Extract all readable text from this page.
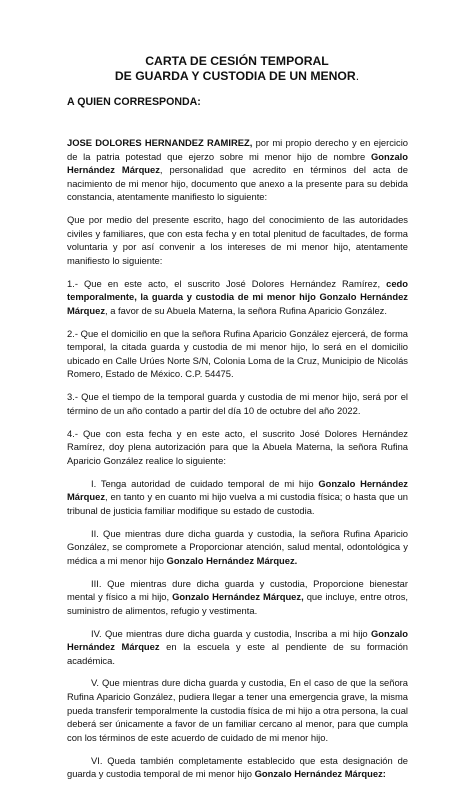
CARTA DE CESIÓN TEMPORAL
DE GUARDA Y CUSTODIA DE UN MENOR.
A QUIEN CORRESPONDA:

JOSE DOLORES HERNANDEZ RAMIREZ, por mi propio derecho y en ejercicio de la patria potestad que ejerzo sobre mi menor hijo de nombre Gonzalo Hernández Márquez, personalidad que acredito en términos del acta de nacimiento de mi menor hijo, documento que anexo a la presente para su debida constancia, atentamente manifiesto lo siguiente:

Que por medio del presente escrito, hago del conocimiento de las autoridades civiles y familiares, que con esta fecha y en total plenitud de facultades, de forma voluntaria y por así convenir a los intereses de mi menor hijo, atentamente manifiesto lo siguiente:

1.- Que en este acto, el suscrito José Dolores Hernández Ramírez, cedo temporalmente, la guarda y custodia de mi menor hijo Gonzalo Hernández Márquez, a favor de su Abuela Materna, la señora Rufina Aparicio González.

2.- Que el domicilio en que la señora Rufina Aparicio González ejercerá, de forma temporal, la citada guarda y custodia de mi menor hijo, lo será en el domicilio ubicado en Calle Urúes Norte S/N, Colonia Loma de la Cruz, Municipio de Nicolás Romero, Estado de México. C.P. 54475.

3.- Que el tiempo de la temporal guarda y custodia de mi menor hijo, será por el término de un año contado a partir del día 10 de octubre del año 2022.

4.- Que con esta fecha y en este acto, el suscrito José Dolores Hernández Ramírez, doy plena autorización para que la Abuela Materna, la señora Rufina Aparicio González realice lo siguiente:

I. Tenga autoridad de cuidado temporal de mi hijo Gonzalo Hernández Márquez, en tanto y en cuanto mi hijo vuelva a mi custodia física; o hasta que un tribunal de justicia familiar modifique su estado de custodia.

II. Que mientras dure dicha guarda y custodia, la señora Rufina Aparicio González, se compromete a Proporcionar atención, salud mental, odontológica y médica a mi menor hijo Gonzalo Hernández Márquez.

III. Que mientras dure dicha guarda y custodia, Proporcione bienestar mental y físico a mi hijo, Gonzalo Hernández Márquez, que incluye, entre otros, suministro de alimentos, refugio y vestimenta.

IV. Que mientras dure dicha guarda y custodia, Inscriba a mi hijo Gonzalo Hernández Márquez en la escuela y este al pendiente de su formación académica.

V. Que mientras dure dicha guarda y custodia, En el caso de que la señora Rufina Aparicio González, pudiera llegar a tener una emergencia grave, la misma pueda transferir temporalmente la custodia física de mi hijo a otra persona, la cual deberá ser únicamente a favor de un familiar cercano al menor, para que cumpla con los términos de este acuerdo de cuidado de mi menor hijo.

VI. Queda también completamente establecido que esta designación de guarda y custodia temporal de mi menor hijo Gonzalo Hernández Márquez:
